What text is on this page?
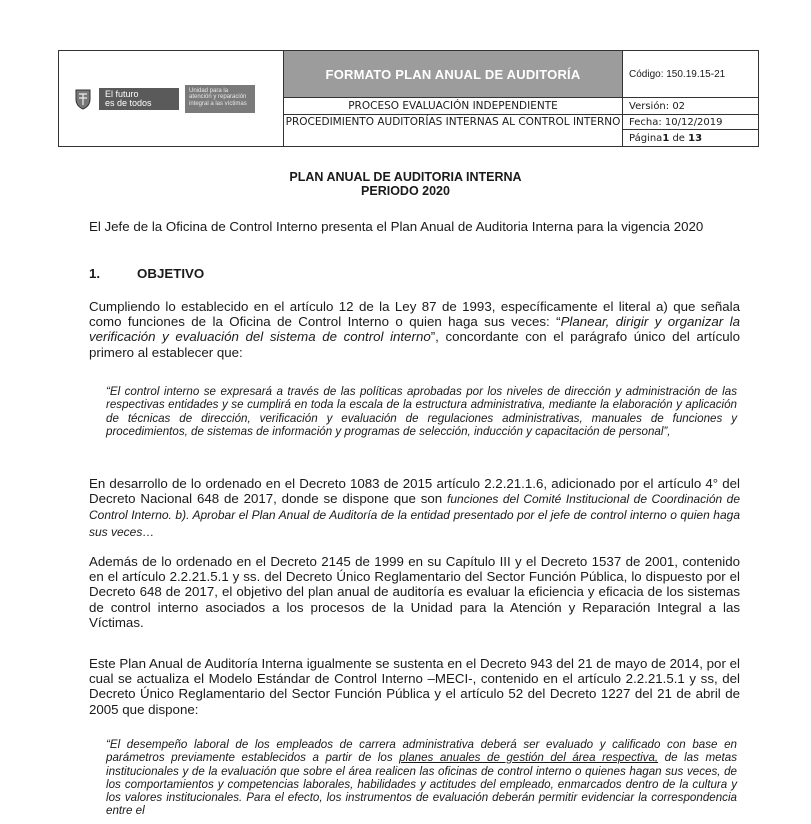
El futuro
es de todos
Unidad para la atención y reparación integral a las víctimas
FORMATO PLAN ANUAL DE AUDITORÍA	Código: 150.19.15-21
PROCESO EVALUACIÓN INDEPENDIENTE	Versión: 02
PROCEDIMIENTO AUDITORÍAS INTERNAS AL CONTROL INTERNO Fecha: 10/12/2019
Página 1 de 13
PLAN ANUAL DE AUDITORIA INTERNA
PERIODO 2020

El Jefe de la Oficina de Control Interno presenta el Plan Anual de Auditoria Interna para la vigencia 2020

1.	OBJETIVO

Cumpliendo lo establecido en el artículo 12 de la Ley 87 de 1993, específicamente el literal a) que señala como funciones de la Oficina de Control Interno o quien haga sus veces: “Planear, dirigir y organizar la verificación y evaluación del sistema de control interno”, concordante con el parágrafo único del artículo primero al establecer que:

“El control interno se expresará a través de las políticas aprobadas por los niveles de dirección y administración de las respectivas entidades y se cumplirá en toda la escala de la estructura administrativa, mediante la elaboración y aplicación de técnicas de dirección, verificación y evaluación de regulaciones administrativas, manuales de funciones y procedimientos, de sistemas de información y programas de selección, inducción y capacitación de personal”,

En desarrollo de lo ordenado en el Decreto 1083 de 2015 artículo 2.2.21.1.6, adicionado por el artículo 4° del Decreto Nacional 648 de 2017, donde se dispone que son funciones del Comité Institucional de Coordinación de Control Interno. b). Aprobar el Plan Anual de Auditoría de la entidad presentado por el jefe de control interno o quien haga sus veces…

Además de lo ordenado en el Decreto 2145 de 1999 en su Capítulo III y el Decreto 1537 de 2001, contenido en el artículo 2.2.21.5.1 y ss. del Decreto Único Reglamentario del Sector Función Pública, lo dispuesto por el Decreto 648 de 2017, el objetivo del plan anual de auditoría es evaluar la eficiencia y eficacia de los sistemas de control interno asociados a los procesos de la Unidad para la Atención y Reparación Integral a las Víctimas.

Este Plan Anual de Auditoría Interna igualmente se sustenta en el Decreto 943 del 21 de mayo de 2014, por el cual se actualiza el Modelo Estándar de Control Interno –MECI-, contenido en el artículo 2.2.21.5.1 y ss, del Decreto Único Reglamentario del Sector Función Pública y el artículo 52 del Decreto 1227 del 21 de abril de 2005 que dispone:

“El desempeño laboral de los empleados de carrera administrativa deberá ser evaluado y calificado con base en parámetros previamente establecidos a partir de los planes anuales de gestión del área respectiva, de las metas institucionales y de la evaluación que sobre el área realicen las oficinas de control interno o quienes hagan sus veces, de los comportamientos y competencias laborales, habilidades y actitudes del empleado, enmarcados dentro de la cultura y los valores institucionales. Para el efecto, los instrumentos de evaluación deberán permitir evidenciar la correspondencia entre el
